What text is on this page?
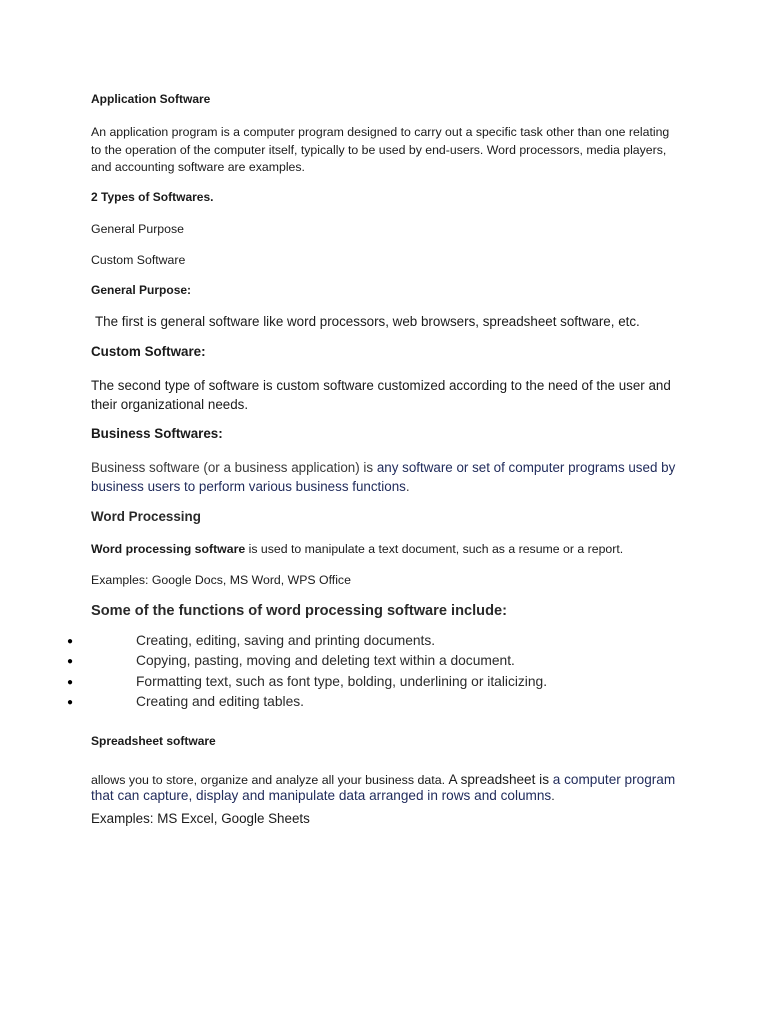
Application Software

An application program is a computer program designed to carry out a specific task other than one relating to the operation of the computer itself, typically to be used by end-users. Word processors, media players, and accounting software are examples.

2 Types of Softwares.

General Purpose

Custom Software

General Purpose:

The first is general software like word processors, web browsers, spreadsheet software, etc.

Custom Software:

The second type of software is custom software customized according to the need of the user and their organizational needs.

Business Softwares:

Business software (or a business application) is any software or set of computer programs used by business users to perform various business functions.

Word Processing

Word processing software is used to manipulate a text document, such as a resume or a report.

Examples: Google Docs, MS Word, WPS Office

Some of the functions of word processing software include:

●	Creating, editing, saving and printing documents.
●	Copying, pasting, moving and deleting text within a document.
●	Formatting text, such as font type, bolding, underlining or italicizing.
●	Creating and editing tables.

Spreadsheet software

allows you to store, organize and analyze all your business data. A spreadsheet is a computer program that can capture, display and manipulate data arranged in rows and columns.

Examples: MS Excel, Google Sheets
